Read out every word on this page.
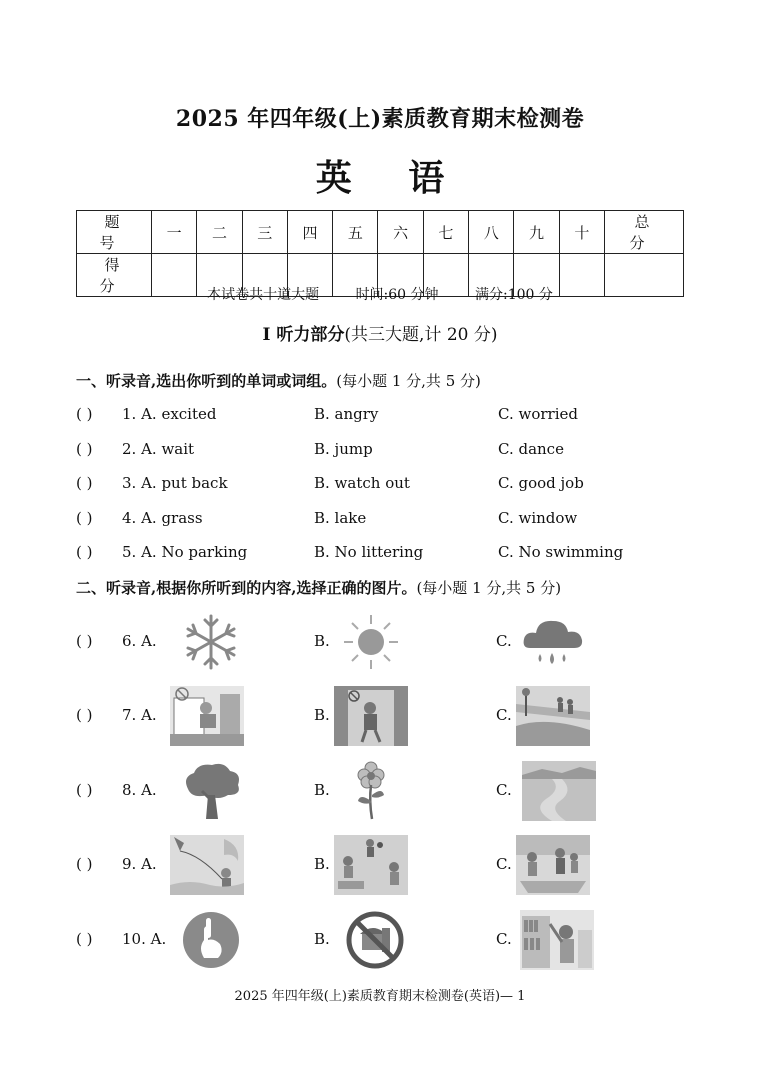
2025 年四年级(上)素质教育期末检测卷
英 语
题 号	一	二	三	四	五	六	七	八	九	十	总 分
得 分												本试卷共十道大题	时间:60 分钟	满分:100 分
Ⅰ 听力部分(共三大题,计 20 分)
一、听录音,选出你听到的单词或词组。(每小题 1 分,共 5 分)
( ) 1. A. excited	B. angry	C. worried
( ) 2. A. wait	B. jump	C. dance
( ) 3. A. put back	B. watch out	C. good job
( ) 4. A. grass	B. lake	C. window
( ) 5. A. No parking	B. No littering	C. No swimming
二、听录音,根据你所听到的内容,选择正确的图片。(每小题 1 分,共 5 分)
( ) 6. A.	B.	C.
( ) 7. A.	B.	C.
( ) 8. A.	B.	C.
( ) 9. A.	B.	C.
( ) 10. A.	B.	C.
2025 年四年级(上)素质教育期末检测卷(英语)— 1
